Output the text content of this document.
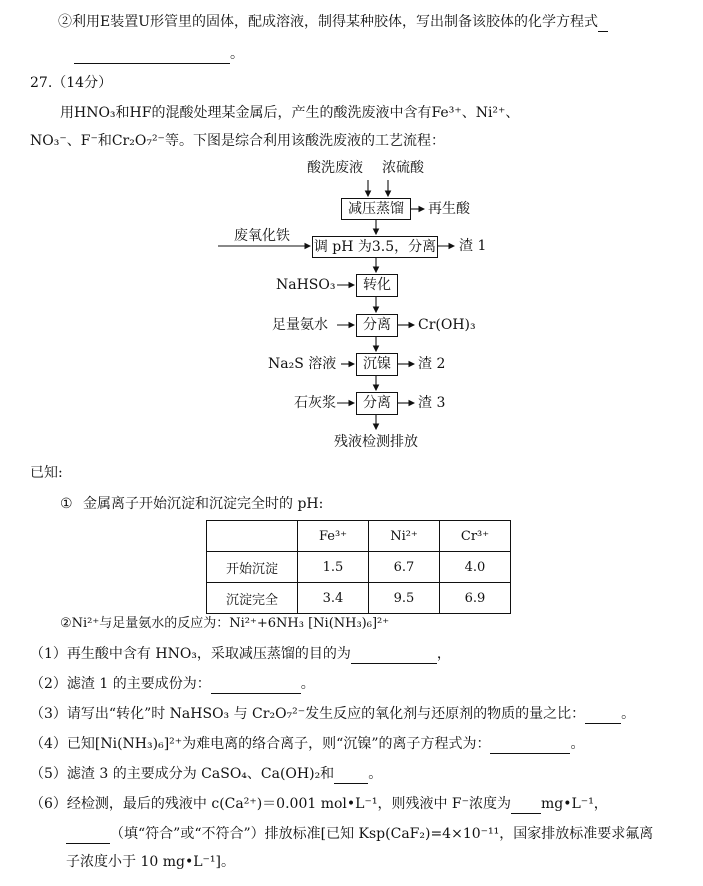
②利用E装置U形管里的固体，配成溶液，制得某种胶体，写出制备该胶体的化学方程式
。
27.（14分）
用HNO₃和HF的混酸处理某金属后，产生的酸洗废液中含有Fe³⁺、Ni²⁺、
NO₃⁻、F⁻和Cr₂O₇²⁻等。下图是综合利用该酸洗废液的工艺流程：
酸洗废液 浓硫酸
减压蒸馏	再生酸
废氧化铁
调 pH 为3.5，分离 渣 1
NaHSO₃	转化
足量氨水	分离	Cr(OH)₃
Na₂S 溶液	沉镍	渣 2
石灰浆	分离	渣 3
残液检测排放
已知:
① 金属离子开始沉淀和沉淀完全时的 pH:
	Fe³⁺	Ni²⁺	Cr³⁺
开始沉淀	1.5	6.7	4.0
沉淀完全	3.4	9.5	6.9
②Ni²⁺与足量氨水的反应为：Ni²⁺+6NH₃ [Ni(NH₃)₆]²⁺
（1）再生酸中含有 HNO₃，采取减压蒸馏的目的为	，
（2）滤渣 1 的主要成份为：	。
（3）请写出“转化”时 NaHSO₃ 与 Cr₂O₇²⁻发生反应的氧化剂与还原剂的物质的量之比：	。
（4）已知[Ni(NH₃)₆]²⁺为难电离的络合离子，则“沉镍”的离子方程式为：	。
（5）滤渣 3 的主要成分为 CaSO₄、Ca(OH)₂和 。
（6）经检测，最后的残液中 c(Ca²⁺)＝0.001 mol•L⁻¹，则残液中 F⁻浓度为 mg•L⁻¹，
（填“符合”或“不符合”）排放标准[已知 Ksp(CaF₂)=4×10⁻¹¹，国家排放标准要求氟离
子浓度小于 10 mg•L⁻¹]。
